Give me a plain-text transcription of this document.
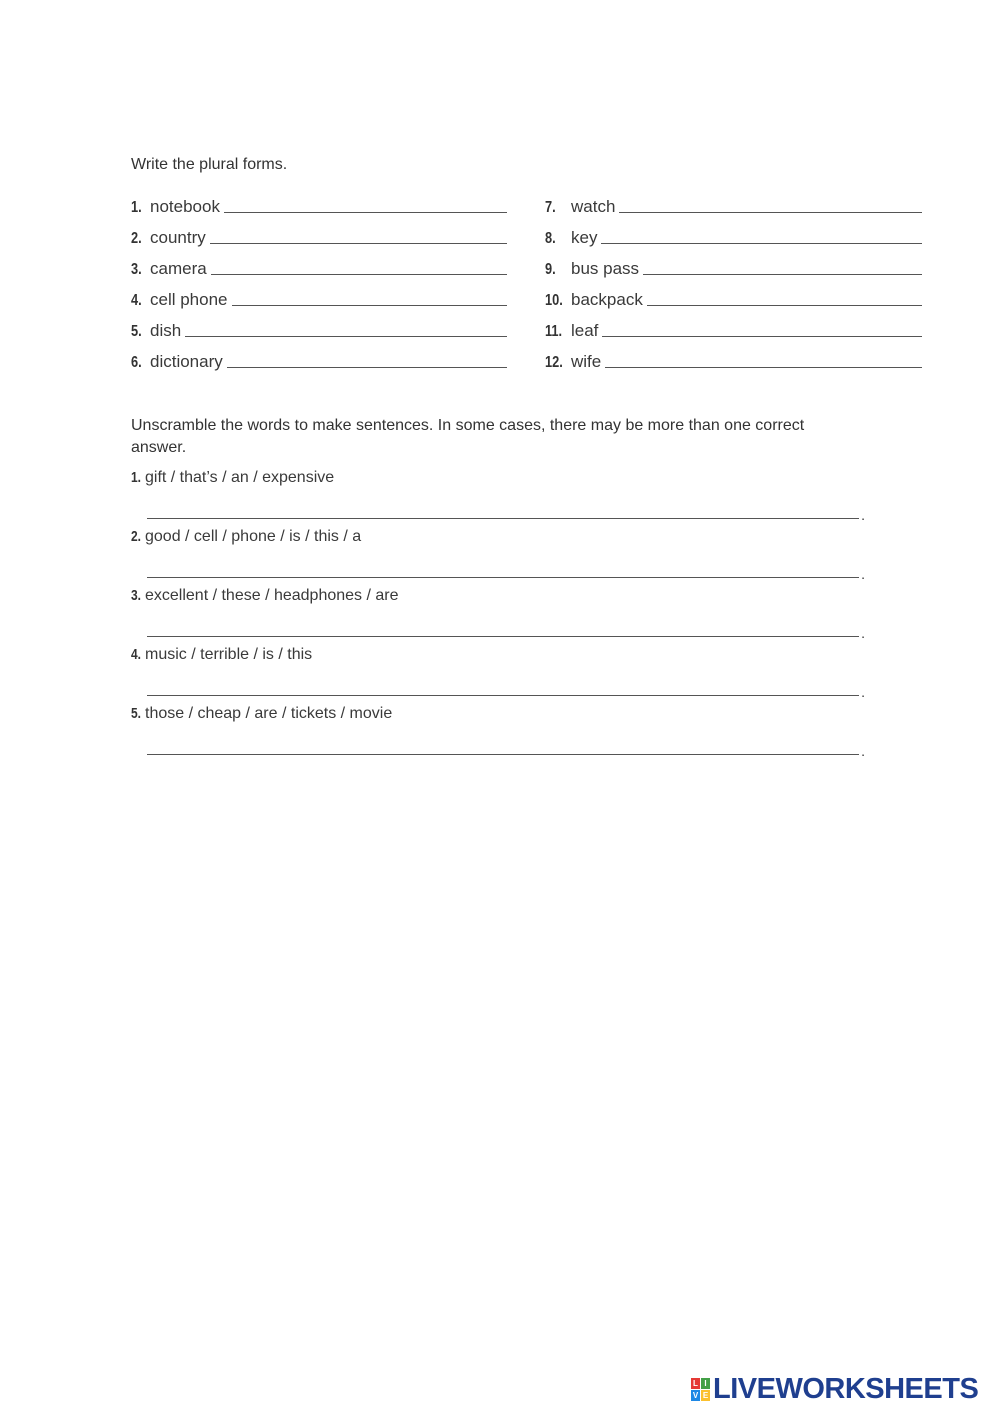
Write the plural forms.
1. notebook
2. country
3. camera
4. cell phone
5. dish
6. dictionary
7. watch
8. key
9. bus pass
10. backpack
11. leaf
12. wife
Unscramble the words to make sentences. In some cases, there may be more than one correct answer.
1. gift / that’s / an / expensive
.
2. good / cell / phone / is / this / a
.
3. excellent / these / headphones / are
.
4. music / terrible / is / this
.
5. those / cheap / are / tickets / movie
.
L I
V E LIVEWORKSHEETS
